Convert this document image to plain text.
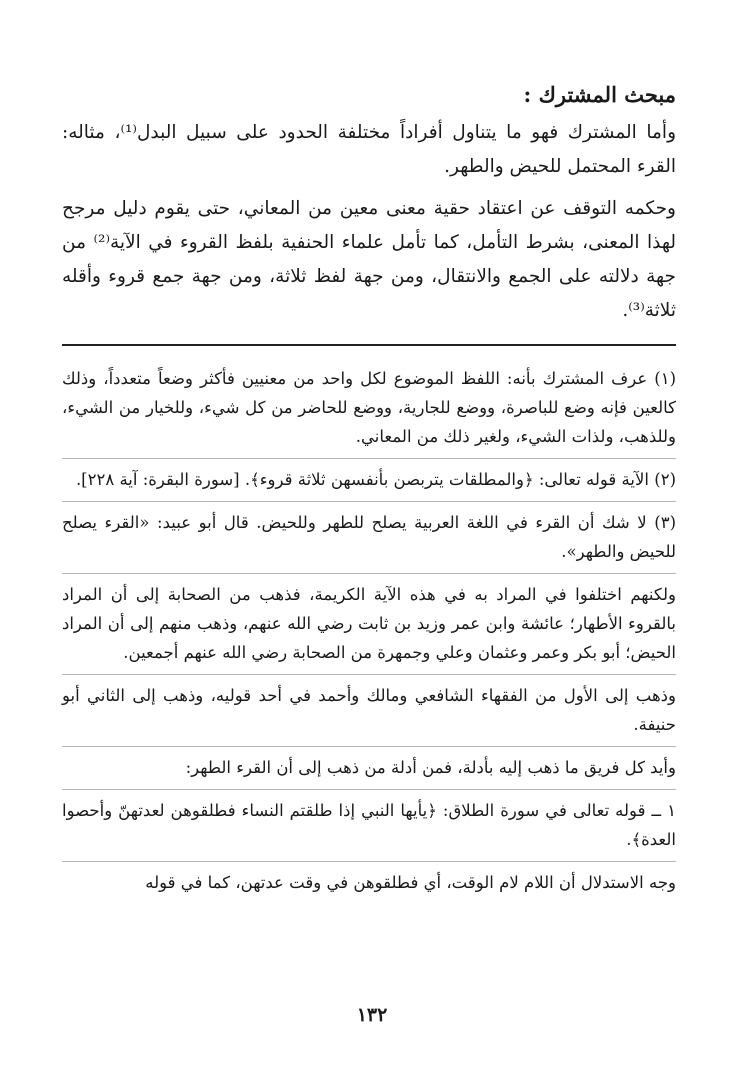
مبحث المشترك :

وأما المشترك فهو ما يتناول أفراداً مختلفة الحدود على سبيل البدل⁽¹⁾، مثاله: القرء المحتمل للحيض والطهر.

وحكمه التوقف عن اعتقاد حقية معنى معين من المعاني، حتى يقوم دليل مرجح لهذا المعنى، بشرط التأمل، كما تأمل علماء الحنفية بلفظ القروء في الآية⁽²⁾ من جهة دلالته على الجمع والانتقال، ومن جهة لفظ ثلاثة، ومن جهة جمع قروء وأقله ثلاثة⁽³⁾.

(١) عرف المشترك بأنه: اللفظ الموضوع لكل واحد من معنيين فأكثر وضعاً متعدداً، وذلك كالعين فإنه وضع للباصرة، ووضع للجارية، ووضع للحاضر من كل شيء، وللخيار من الشيء، وللذهب، ولذات الشيء، ولغير ذلك من المعاني.

(٢) الآية قوله تعالى: ﴿والمطلقات يتربصن بأنفسهن ثلاثة قروء﴾. [سورة البقرة: آية ٢٢٨].

(٣) لا شك أن القرء في اللغة العربية يصلح للطهر وللحيض. قال أبو عبيد: «القرء يصلح للحيض والطهر».

ولكنهم اختلفوا في المراد به في هذه الآية الكريمة، فذهب من الصحابة إلى أن المراد بالقروء الأطهار؛ عائشة وابن عمر وزيد بن ثابت رضي الله عنهم، وذهب منهم إلى أن المراد الحيض؛ أبو بكر وعمر وعثمان وعلي وجمهرة من الصحابة رضي الله عنهم أجمعين.

وذهب إلى الأول من الفقهاء الشافعي ومالك وأحمد في أحد قوليه، وذهب إلى الثاني أبو حنيفة.

وأيد كل فريق ما ذهب إليه بأدلة، فمن أدلة من ذهب إلى أن القرء الطهر:

١ ــ قوله تعالى في سورة الطلاق: ﴿يأيها النبي إذا طلقتم النساء فطلقوهن لعدتهنّ وأحصوا العدة﴾.

وجه الاستدلال أن اللام لام الوقت، أي فطلقوهن في وقت عدتهن، كما في قوله

١٣٢
